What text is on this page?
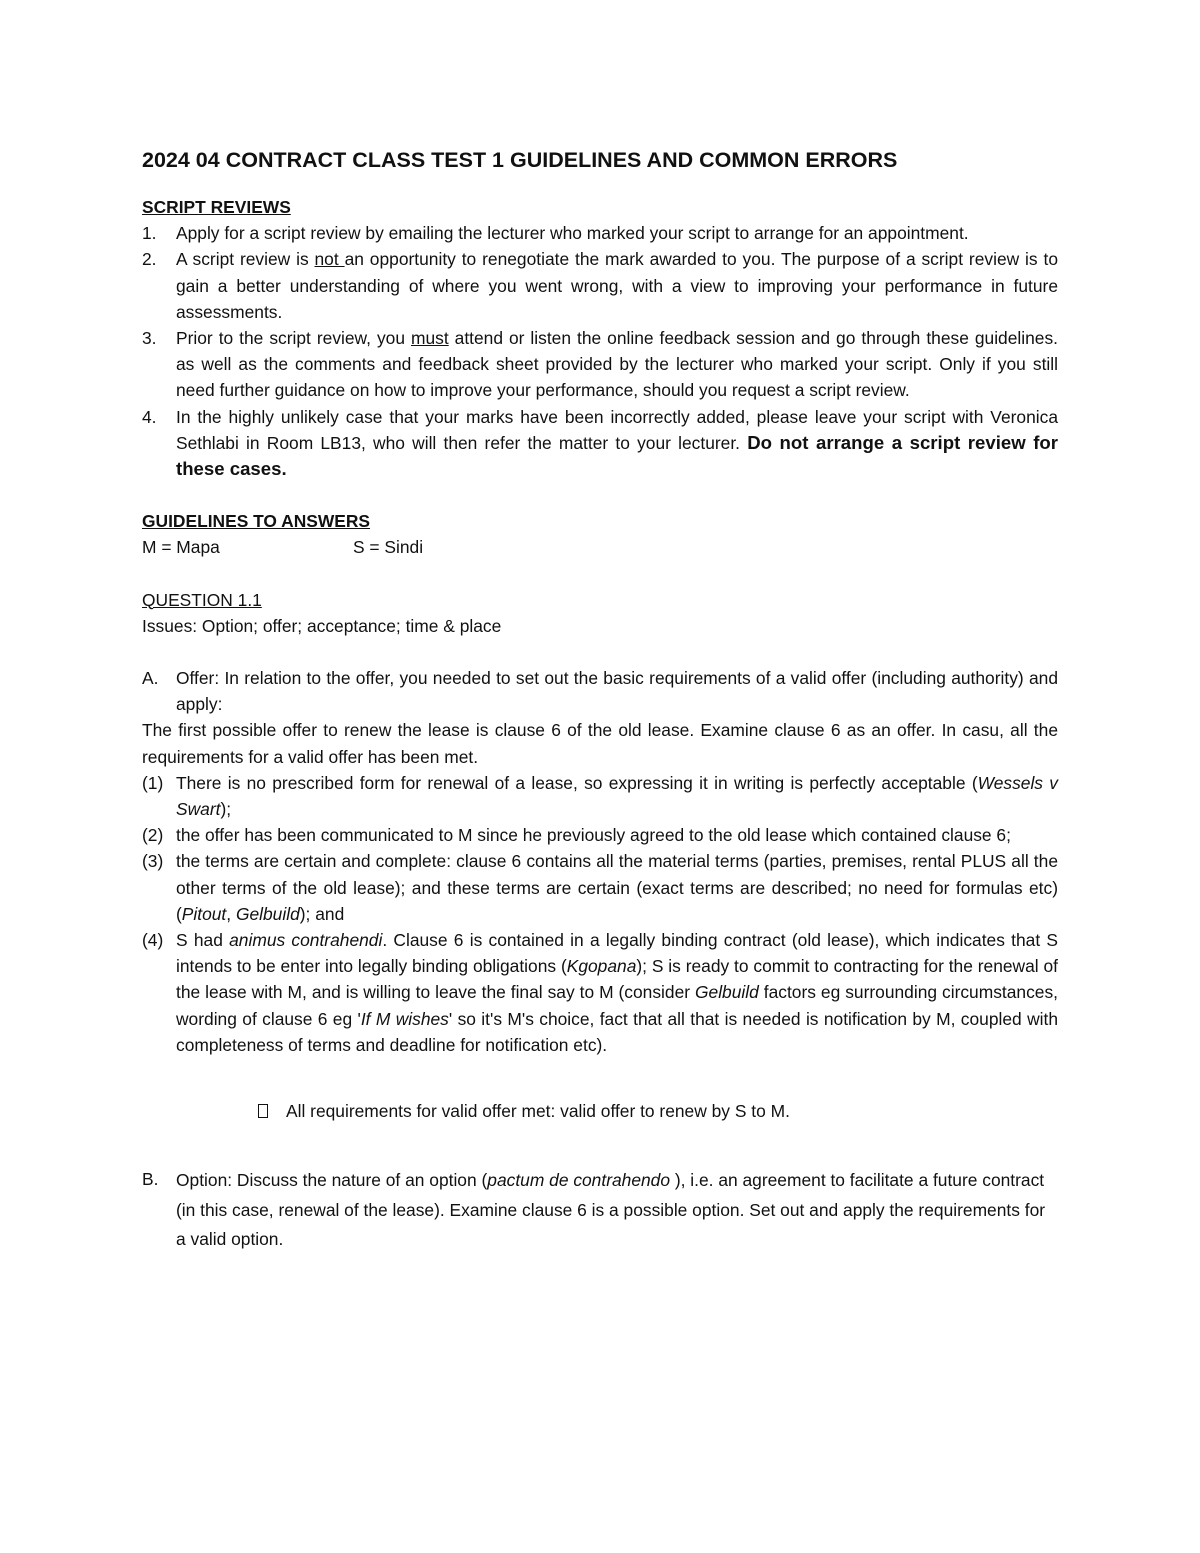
2024 04 CONTRACT CLASS TEST 1 GUIDELINES AND COMMON ERRORS
SCRIPT REVIEWS
1.	Apply for a script review by emailing the lecturer who marked your script to arrange for an appointment.
2.	A script review is not an opportunity to renegotiate the mark awarded to you. The purpose of a script review is to gain a better understanding of where you went wrong, with a view to improving your performance in future assessments.
3.	Prior to the script review, you must attend or listen the online feedback session and go through these guidelines. as well as the comments and feedback sheet provided by the lecturer who marked your script. Only if you still need further guidance on how to improve your performance, should you request a script review.
4.	In the highly unlikely case that your marks have been incorrectly added, please leave your script with Veronica Sethlabi in Room LB13, who will then refer the matter to your lecturer. Do not arrange a script review for these cases.
GUIDELINES TO ANSWERS
M = Mapa	S = Sindi
QUESTION 1.1

Issues: Option; offer; acceptance; time & place

A.	Offer: In relation to the offer, you needed to set out the basic requirements of a valid offer (including authority) and apply:

The first possible offer to renew the lease is clause 6 of the old lease. Examine clause 6 as an offer. In casu, all the requirements for a valid offer has been met.

(1) There is no prescribed form for renewal of a lease, so expressing it in writing is perfectly acceptable (Wessels v Swart);
(2) the offer has been communicated to M since he previously agreed to the old lease which contained clause 6;
(3) the terms are certain and complete: clause 6 contains all the material terms (parties, premises, rental PLUS all the other terms of the old lease); and these terms are certain (exact terms are described; no need for formulas etc) (Pitout, Gelbuild); and
(4) S had animus contrahendi. Clause 6 is contained in a legally binding contract (old lease), which indicates that S intends to be enter into legally binding obligations (Kgopana); S is ready to commit to contracting for the renewal of the lease with M, and is willing to leave the final say to M (consider Gelbuild factors eg surrounding circumstances, wording of clause 6 eg 'If M wishes' so it's M's choice, fact that all that is needed is notification by M, coupled with completeness of terms and deadline for notification etc).
All requirements for valid offer met: valid offer to renew by S to M.
B.	Option: Discuss the nature of an option (pactum de contrahendo ), i.e. an agreement to facilitate a future contract (in this case, renewal of the lease). Examine clause 6 is a possible option. Set out and apply the requirements for a valid option.
